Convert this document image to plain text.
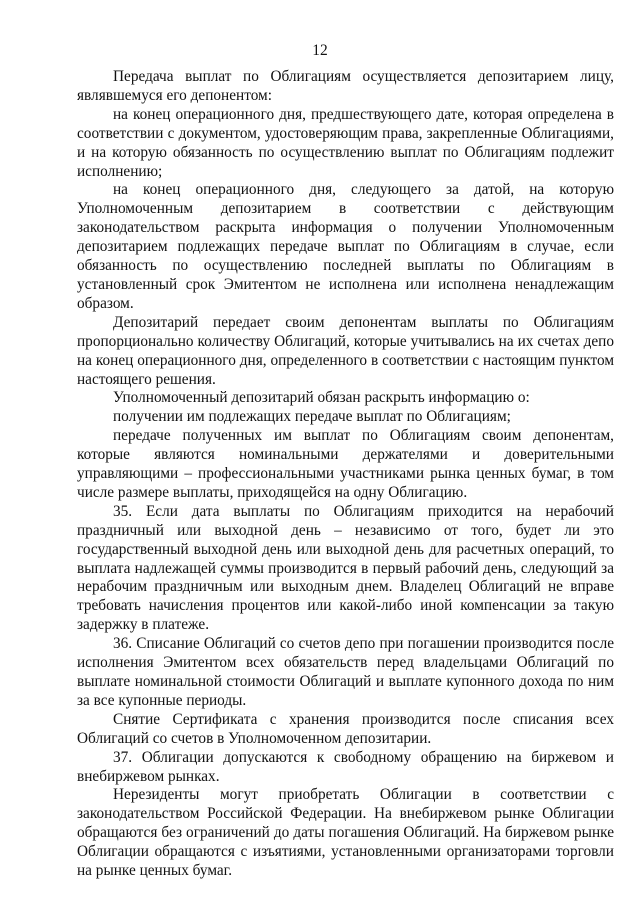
12

Передача выплат по Облигациям осуществляется депозитарием лицу, являвшемуся его депонентом:

на конец операционного дня, предшествующего дате, которая определена в соответствии с документом, удостоверяющим права, закрепленные Облигациями, и на которую обязанность по осуществлению выплат по Облигациям подлежит исполнению;

на конец операционного дня, следующего за датой, на которую Уполномоченным депозитарием в соответствии с действующим законодательством раскрыта информация о получении Уполномоченным депозитарием подлежащих передаче выплат по Облигациям в случае, если обязанность по осуществлению последней выплаты по Облигациям в установленный срок Эмитентом не исполнена или исполнена ненадлежащим образом.

Депозитарий передает своим депонентам выплаты по Облигациям пропорционально количеству Облигаций, которые учитывались на их счетах депо на конец операционного дня, определенного в соответствии с настоящим пунктом настоящего решения.

Уполномоченный депозитарий обязан раскрыть информацию о:

получении им подлежащих передаче выплат по Облигациям;

передаче полученных им выплат по Облигациям своим депонентам, которые являются номинальными держателями и доверительными управляющими – профессиональными участниками рынка ценных бумаг, в том числе размере выплаты, приходящейся на одну Облигацию.

35. Если дата выплаты по Облигациям приходится на нерабочий праздничный или выходной день – независимо от того, будет ли это государственный выходной день или выходной день для расчетных операций, то выплата надлежащей суммы производится в первый рабочий день, следующий за нерабочим праздничным или выходным днем. Владелец Облигаций не вправе требовать начисления процентов или какой-либо иной компенсации за такую задержку в платеже.

36. Списание Облигаций со счетов депо при погашении производится после исполнения Эмитентом всех обязательств перед владельцами Облигаций по выплате номинальной стоимости Облигаций и выплате купонного дохода по ним за все купонные периоды.

Снятие Сертификата с хранения производится после списания всех Облигаций со счетов в Уполномоченном депозитарии.

37. Облигации допускаются к свободному обращению на биржевом и внебиржевом рынках.

Нерезиденты могут приобретать Облигации в соответствии с законодательством Российской Федерации. На внебиржевом рынке Облигации обращаются без ограничений до даты погашения Облигаций. На биржевом рынке Облигации обращаются с изъятиями, установленными организаторами торговли на рынке ценных бумаг.
